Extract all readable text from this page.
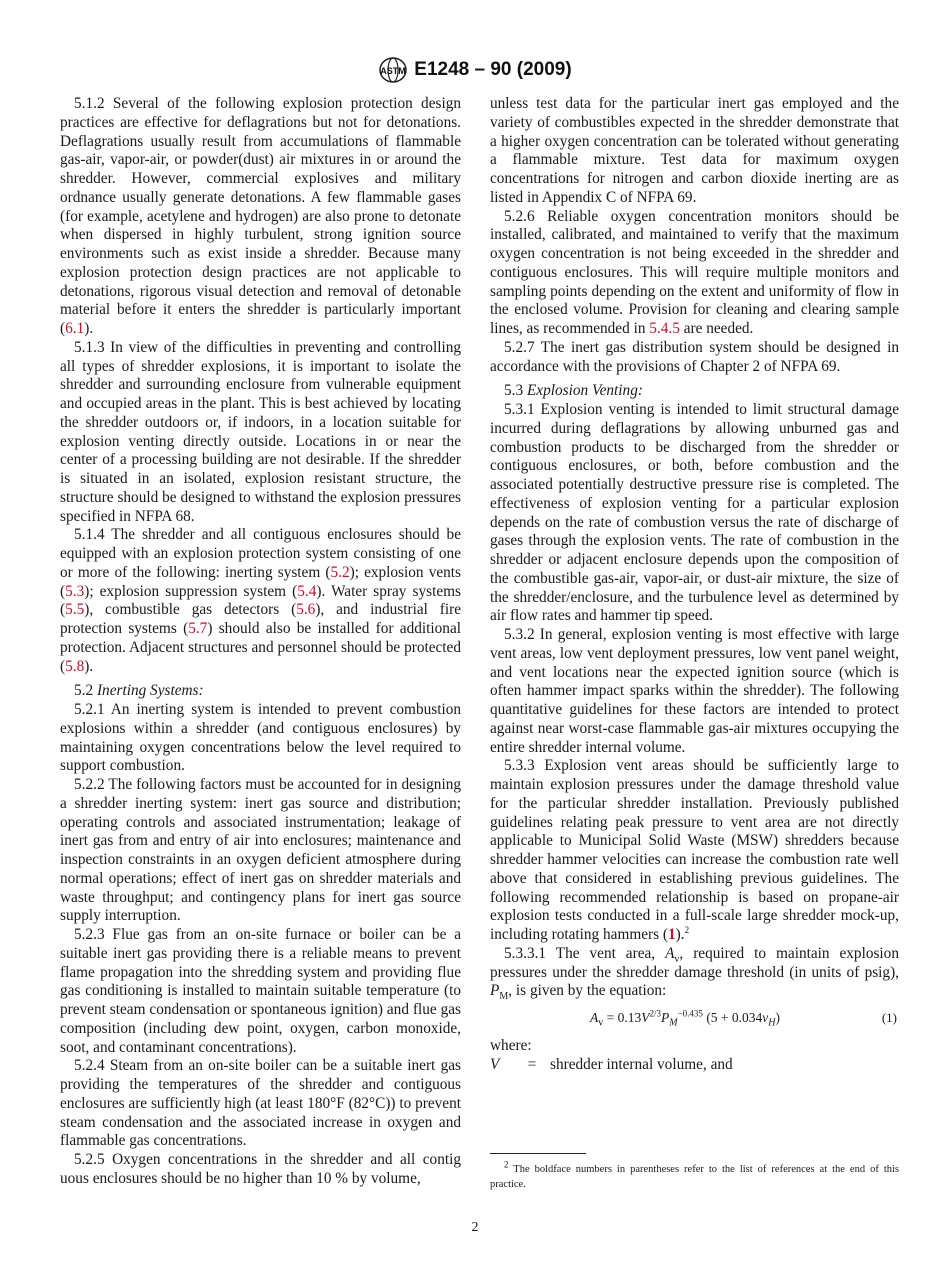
ASTM E1248 – 90 (2009)

5.1.2 Several of the following explosion protection design practices are effective for deflagrations but not for detonations. Deflagrations usually result from accumulations of flammable gas-air, vapor-air, or powder(dust) air mixtures in or around the shredder. However, commercial explosives and military ordnance usually generate detonations. A few flammable gases (for example, acetylene and hydrogen) are also prone to detonate when dispersed in highly turbulent, strong ignition source environments such as exist inside a shredder. Because many explosion protection design practices are not applicable to detonations, rigorous visual detection and removal of detonable material before it enters the shredder is particularly important (6.1).

5.1.3 In view of the difficulties in preventing and controlling all types of shredder explosions, it is important to isolate the shredder and surrounding enclosure from vulnerable equipment and occupied areas in the plant. This is best achieved by locating the shredder outdoors or, if indoors, in a location suitable for explosion venting directly outside. Locations in or near the center of a processing building are not desirable. If the shredder is situated in an isolated, explosion resistant structure, the structure should be designed to withstand the explosion pressures specified in NFPA 68.

5.1.4 The shredder and all contiguous enclosures should be equipped with an explosion protection system consisting of one or more of the following: inerting system (5.2); explosion vents (5.3); explosion suppression system (5.4). Water spray systems (5.5), combustible gas detectors (5.6), and industrial fire protection systems (5.7) should also be installed for additional protection. Adjacent structures and personnel should be protected (5.8).

5.2 Inerting Systems:

5.2.1 An inerting system is intended to prevent combustion explosions within a shredder (and contiguous enclosures) by maintaining oxygen concentrations below the level required to support combustion.

5.2.2 The following factors must be accounted for in designing a shredder inerting system: inert gas source and distribution; operating controls and associated instrumentation; leakage of inert gas from and entry of air into enclosures; maintenance and inspection constraints in an oxygen deficient atmosphere during normal operations; effect of inert gas on shredder materials and waste throughput; and contingency plans for inert gas source supply interruption.

5.2.3 Flue gas from an on-site furnace or boiler can be a suitable inert gas providing there is a reliable means to prevent flame propagation into the shredding system and providing flue gas conditioning is installed to maintain suitable temperature (to prevent steam condensation or spontaneous ignition) and flue gas composition (including dew point, oxygen, carbon monoxide, soot, and contaminant concentrations).

5.2.4 Steam from an on-site boiler can be a suitable inert gas providing the temperatures of the shredder and contiguous enclosures are sufficiently high (at least 180°F (82°C)) to prevent steam condensation and the associated increase in oxygen and flammable gas concentrations.

5.2.5 Oxygen concentrations in the shredder and all contig uous enclosures should be no higher than 10 % by volume,

unless test data for the particular inert gas employed and the variety of combustibles expected in the shredder demonstrate that a higher oxygen concentration can be tolerated without generating a flammable mixture. Test data for maximum oxygen concentrations for nitrogen and carbon dioxide inerting are as listed in Appendix C of NFPA 69.

5.2.6 Reliable oxygen concentration monitors should be installed, calibrated, and maintained to verify that the maximum oxygen concentration is not being exceeded in the shredder and contiguous enclosures. This will require multiple monitors and sampling points depending on the extent and uniformity of flow in the enclosed volume. Provision for cleaning and clearing sample lines, as recommended in 5.4.5 are needed.

5.2.7 The inert gas distribution system should be designed in accordance with the provisions of Chapter 2 of NFPA 69.

5.3 Explosion Venting:

5.3.1 Explosion venting is intended to limit structural damage incurred during deflagrations by allowing unburned gas and combustion products to be discharged from the shredder or contiguous enclosures, or both, before combustion and the associated potentially destructive pressure rise is completed. The effectiveness of explosion venting for a particular explosion depends on the rate of combustion versus the rate of discharge of gases through the explosion vents. The rate of combustion in the shredder or adjacent enclosure depends upon the composition of the combustible gas-air, vapor-air, or dust-air mixture, the size of the shredder/enclosure, and the turbulence level as determined by air flow rates and hammer tip speed.

5.3.2 In general, explosion venting is most effective with large vent areas, low vent deployment pressures, low vent panel weight, and vent locations near the expected ignition source (which is often hammer impact sparks within the shredder). The following quantitative guidelines for these factors are intended to protect against near worst-case flammable gas-air mixtures occupying the entire shredder internal volume.

5.3.3 Explosion vent areas should be sufficiently large to maintain explosion pressures under the damage threshold value for the particular shredder installation. Previously published guidelines relating peak pressure to vent area are not directly applicable to Municipal Solid Waste (MSW) shredders because shredder hammer velocities can increase the combustion rate well above that considered in establishing previous guidelines. The following recommended relationship is based on propane-air explosion tests conducted in a full-scale large shredder mock-up, including rotating hammers (1).$^2$

5.3.3.1 The vent area, $A_v$, required to maintain explosion pressures under the shredder damage threshold (in units of psig), $P_M$, is given by the equation:

$A_v = 0.13V^{2/3}P_M^{-0.435}$ $(5 + 0.034v_H)$	(1)
where:
V	= shredder internal volume, and
$^2$ The boldface numbers in parentheses refer to the list of references at the end of this practice.
2
